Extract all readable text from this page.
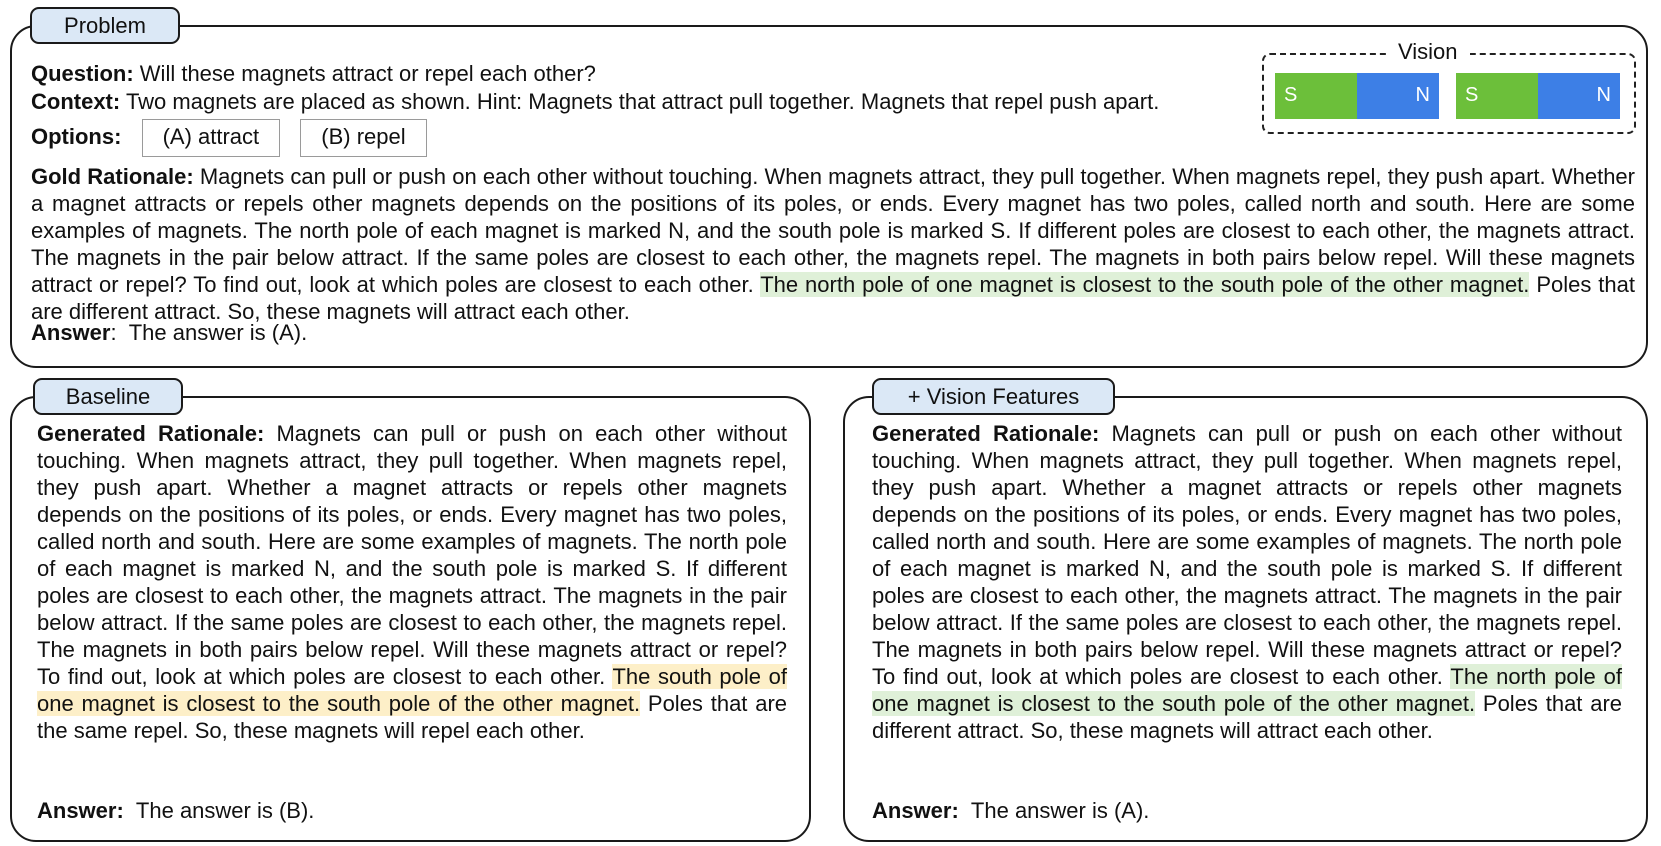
Problem
Question: Will these magnets attract or repel each other?
Context: Two magnets are placed as shown. Hint: Magnets that attract pull together. Magnets that repel push apart.
Options: (A) attract	(B) repel
Gold Rationale: Magnets can pull or push on each other without touching. When magnets attract, they pull together. When magnets repel, they push apart. Whether a magnet attracts or repels other magnets depends on the positions of its poles, or ends. Every magnet has two poles, called north and south. Here are some examples of magnets. The north pole of each magnet is marked N, and the south pole is marked S. If different poles are closest to each other, the magnets attract. The magnets in the pair below attract. If the same poles are closest to each other, the magnets repel. The magnets in both pairs below repel. Will these magnets attract or repel? To find out, look at which poles are closest to each other. The north pole of one magnet is closest to the south pole of the other magnet. Poles that are different attract. So, these magnets will attract each other.
Answer: The answer is (A).
Vision
S	N	S	N
Baseline
Generated Rationale: Magnets can pull or push on each other without touching. When magnets attract, they pull together. When magnets repel, they push apart. Whether a magnet attracts or repels other magnets depends on the positions of its poles, or ends. Every magnet has two poles, called north and south. Here are some examples of magnets. The north pole of each magnet is marked N, and the south pole is marked S. If different poles are closest to each other, the magnets attract. The magnets in the pair below attract. If the same poles are closest to each other, the magnets repel. The magnets in both pairs below repel. Will these magnets attract or repel? To find out, look at which poles are closest to each other. The south pole of one magnet is closest to the south pole of the other magnet. Poles that are the same repel. So, these magnets will repel each other.
Answer: The answer is (B).
+ Vision Features
Generated Rationale: Magnets can pull or push on each other without touching. When magnets attract, they pull together. When magnets repel, they push apart. Whether a magnet attracts or repels other magnets depends on the positions of its poles, or ends. Every magnet has two poles, called north and south. Here are some examples of magnets. The north pole of each magnet is marked N, and the south pole is marked S. If different poles are closest to each other, the magnets attract. The magnets in the pair below attract. If the same poles are closest to each other, the magnets repel. The magnets in both pairs below repel. Will these magnets attract or repel? To find out, look at which poles are closest to each other. The north pole of one magnet is closest to the south pole of the other magnet. Poles that are different attract. So, these magnets will attract each other.
Answer: The answer is (A).
